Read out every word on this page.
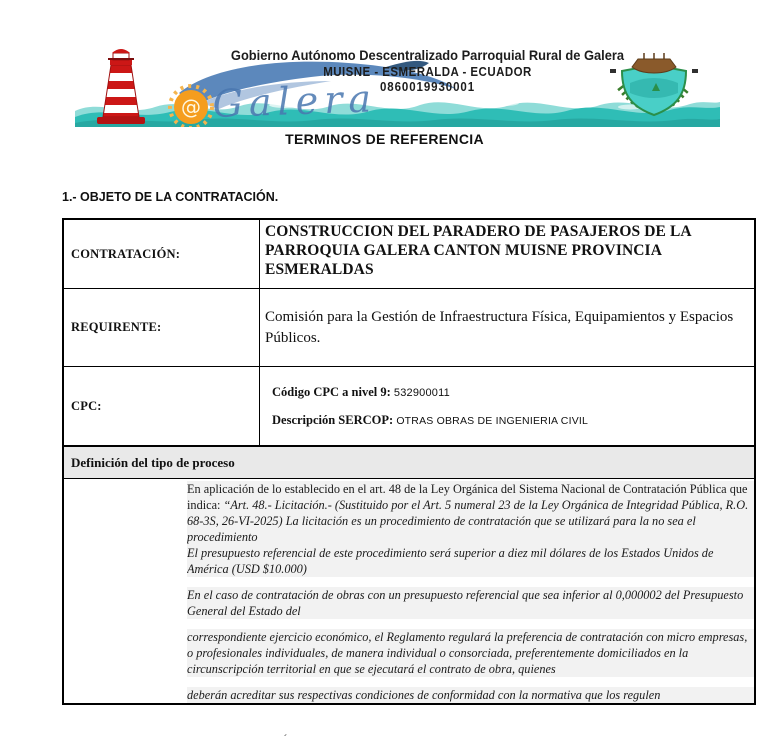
@ Galera
Gobierno Autónomo Descentralizado Parroquial Rural de Galera
MUISNE - ESMERALDA - ECUADOR
0860019930001
TERMINOS DE REFERENCIA
1.- OBJETO DE LA CONTRATACIÓN.
CONTRATACIÓN:
CONSTRUCCION DEL PARADERO DE PASAJEROS DE LA PARROQUIA GALERA CANTON MUISNE PROVINCIA ESMERALDAS
REQUIRENTE:
Comisión para la Gestión de Infraestructura Física, Equipamientos y Espacios Públicos.
CPC:
Código CPC a nivel 9: 532900011
Descripción SERCOP: OTRAS OBRAS DE INGENIERIA CIVIL
Definición del tipo de proceso
En aplicación de lo establecido en el art. 48 de la Ley Orgánica del Sistema Nacional de Contratación Pública que indica: “Art. 48.- Licitación.- (Sustituido por el Art. 5 numeral 23 de la Ley Orgánica de Integridad Pública, R.O. 68-3S, 26-VI-2025) La licitación es un procedimiento de contratación que se utilizará para la no sea el procedimiento
El presupuesto referencial de este procedimiento será superior a diez mil dólares de los Estados Unidos de América (USD $10.000)
En el caso de contratación de obras con un presupuesto referencial que sea inferior al 0,000002 del Presupuesto General del Estado del
correspondiente ejercicio económico, el Reglamento regulará la preferencia de contratación con micro empresas, o profesionales individuales, de manera individual o consorciada, preferentemente domiciliados en la circunscripción territorial en que se ejecutará el contrato de obra, quienes
deberán acreditar sus respectivas condiciones de conformidad con la normativa que los regulen
´
